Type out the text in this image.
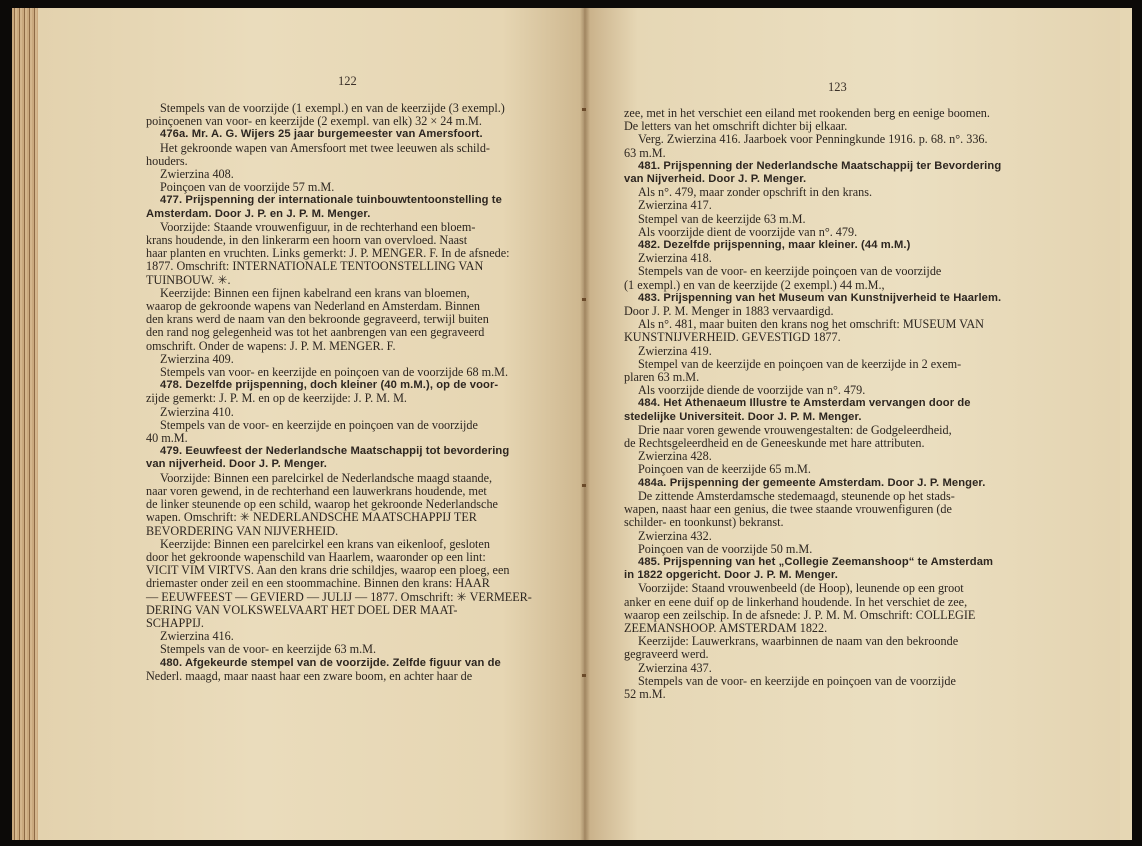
122

Stempels van de voorzijde (1 exempl.) en van de keerzijde (3 exempl.)

poinçoenen van voor- en keerzijde (2 exempl. van elk) 32 × 24 m.M.

476a. Mr. A. G. Wijers 25 jaar burgemeester van Amersfoort.

Het gekroonde wapen van Amersfoort met twee leeuwen als schild-

houders.

Zwierzina 408.

Poinçoen van de voorzijde 57 m.M.

477. Prijspenning der internationale tuinbouwtentoonstelling te

Amsterdam. Door J. P. en J. P. M. Menger.

Voorzijde: Staande vrouwenfiguur, in de rechterhand een bloem-

krans houdende, in den linkerarm een hoorn van overvloed. Naast

haar planten en vruchten. Links gemerkt: J. P. MENGER. F. In de afsnede:

1877. Omschrift: INTERNATIONALE TENTOONSTELLING VAN

TUINBOUW. ✳.

Keerzijde: Binnen een fijnen kabelrand een krans van bloemen,

waarop de gekroonde wapens van Nederland en Amsterdam. Binnen

den krans werd de naam van den bekroonde gegraveerd, terwijl buiten

den rand nog gelegenheid was tot het aanbrengen van een gegraveerd

omschrift. Onder de wapens: J. P. M. MENGER. F.

Zwierzina 409.

Stempels van voor- en keerzijde en poinçoen van de voorzijde 68 m.M.

478. Dezelfde prijspenning, doch kleiner (40 m.M.), op de voor-

zijde gemerkt: J. P. M. en op de keerzijde: J. P. M. M.

Zwierzina 410.

Stempels van de voor- en keerzijde en poinçoen van de voorzijde

40 m.M.

479. Eeuwfeest der Nederlandsche Maatschappij tot bevordering

van nijverheid. Door J. P. Menger.

Voorzijde: Binnen een parelcirkel de Nederlandsche maagd staande,

naar voren gewend, in de rechterhand een lauwerkrans houdende, met

de linker steunende op een schild, waarop het gekroonde Nederlandsche

wapen. Omschrift: ✳ NEDERLANDSCHE MAATSCHAPPIJ TER

BEVORDERING VAN NIJVERHEID.

Keerzijde: Binnen een parelcirkel een krans van eikenloof, gesloten

door het gekroonde wapenschild van Haarlem, waaronder op een lint:

VICIT VIM VIRTVS. Aan den krans drie schildjes, waarop een ploeg, een

driemaster onder zeil en een stoommachine. Binnen den krans: HAAR

— EEUWFEEST — GEVIERD — JULIJ — 1877. Omschrift: ✳ VERMEER-

DERING VAN VOLKSWELVAART HET DOEL DER MAAT-

SCHAPPIJ.

Zwierzina 416.

Stempels van de voor- en keerzijde 63 m.M.

480. Afgekeurde stempel van de voorzijde. Zelfde figuur van de

Nederl. maagd, maar naast haar een zware boom, en achter haar de

123

zee, met in het verschiet een eiland met rookenden berg en eenige boomen.

De letters van het omschrift dichter bij elkaar.

Verg. Zwierzina 416. Jaarboek voor Penningkunde 1916. p. 68. n°. 336.

63 m.M.

481. Prijspenning der Nederlandsche Maatschappij ter Bevordering

van Nijverheid. Door J. P. Menger.

Als n°. 479, maar zonder opschrift in den krans.

Zwierzina 417.

Stempel van de keerzijde 63 m.M.

Als voorzijde dient de voorzijde van n°. 479.

482. Dezelfde prijspenning, maar kleiner. (44 m.M.)

Zwierzina 418.

Stempels van de voor- en keerzijde poinçoen van de voorzijde

(1 exempl.) en van de keerzijde (2 exempl.) 44 m.M.,

483. Prijspenning van het Museum van Kunstnijverheid te Haarlem.

Door J. P. M. Menger in 1883 vervaardigd.

Als n°. 481, maar buiten den krans nog het omschrift: MUSEUM VAN

KUNSTNIJVERHEID. GEVESTIGD 1877.

Zwierzina 419.

Stempel van de keerzijde en poinçoen van de keerzijde in 2 exem-

plaren 63 m.M.

Als voorzijde diende de voorzijde van n°. 479.

484. Het Athenaeum Illustre te Amsterdam vervangen door de

stedelijke Universiteit. Door J. P. M. Menger.

Drie naar voren gewende vrouwengestalten: de Godgeleerdheid,

de Rechtsgeleerdheid en de Geneeskunde met hare attributen.

Zwierzina 428.

Poinçoen van de keerzijde 65 m.M.

484a. Prijspenning der gemeente Amsterdam. Door J. P. Menger.

De zittende Amsterdamsche stedemaagd, steunende op het stads-

wapen, naast haar een genius, die twee staande vrouwenfiguren (de

schilder- en toonkunst) bekranst.

Zwierzina 432.

Poinçoen van de voorzijde 50 m.M.

485. Prijspenning van het „Collegie Zeemanshoop“ te Amsterdam

in 1822 opgericht. Door J. P. M. Menger.

Voorzijde: Staand vrouwenbeeld (de Hoop), leunende op een groot

anker en eene duif op de linkerhand houdende. In het verschiet de zee,

waarop een zeilschip. In de afsnede: J. P. M. M. Omschrift: COLLEGIE

ZEEMANSHOOP. AMSTERDAM 1822.

Keerzijde: Lauwerkrans, waarbinnen de naam van den bekroonde

gegraveerd werd.

Zwierzina 437.

Stempels van de voor- en keerzijde en poinçoen van de voorzijde

52 m.M.
